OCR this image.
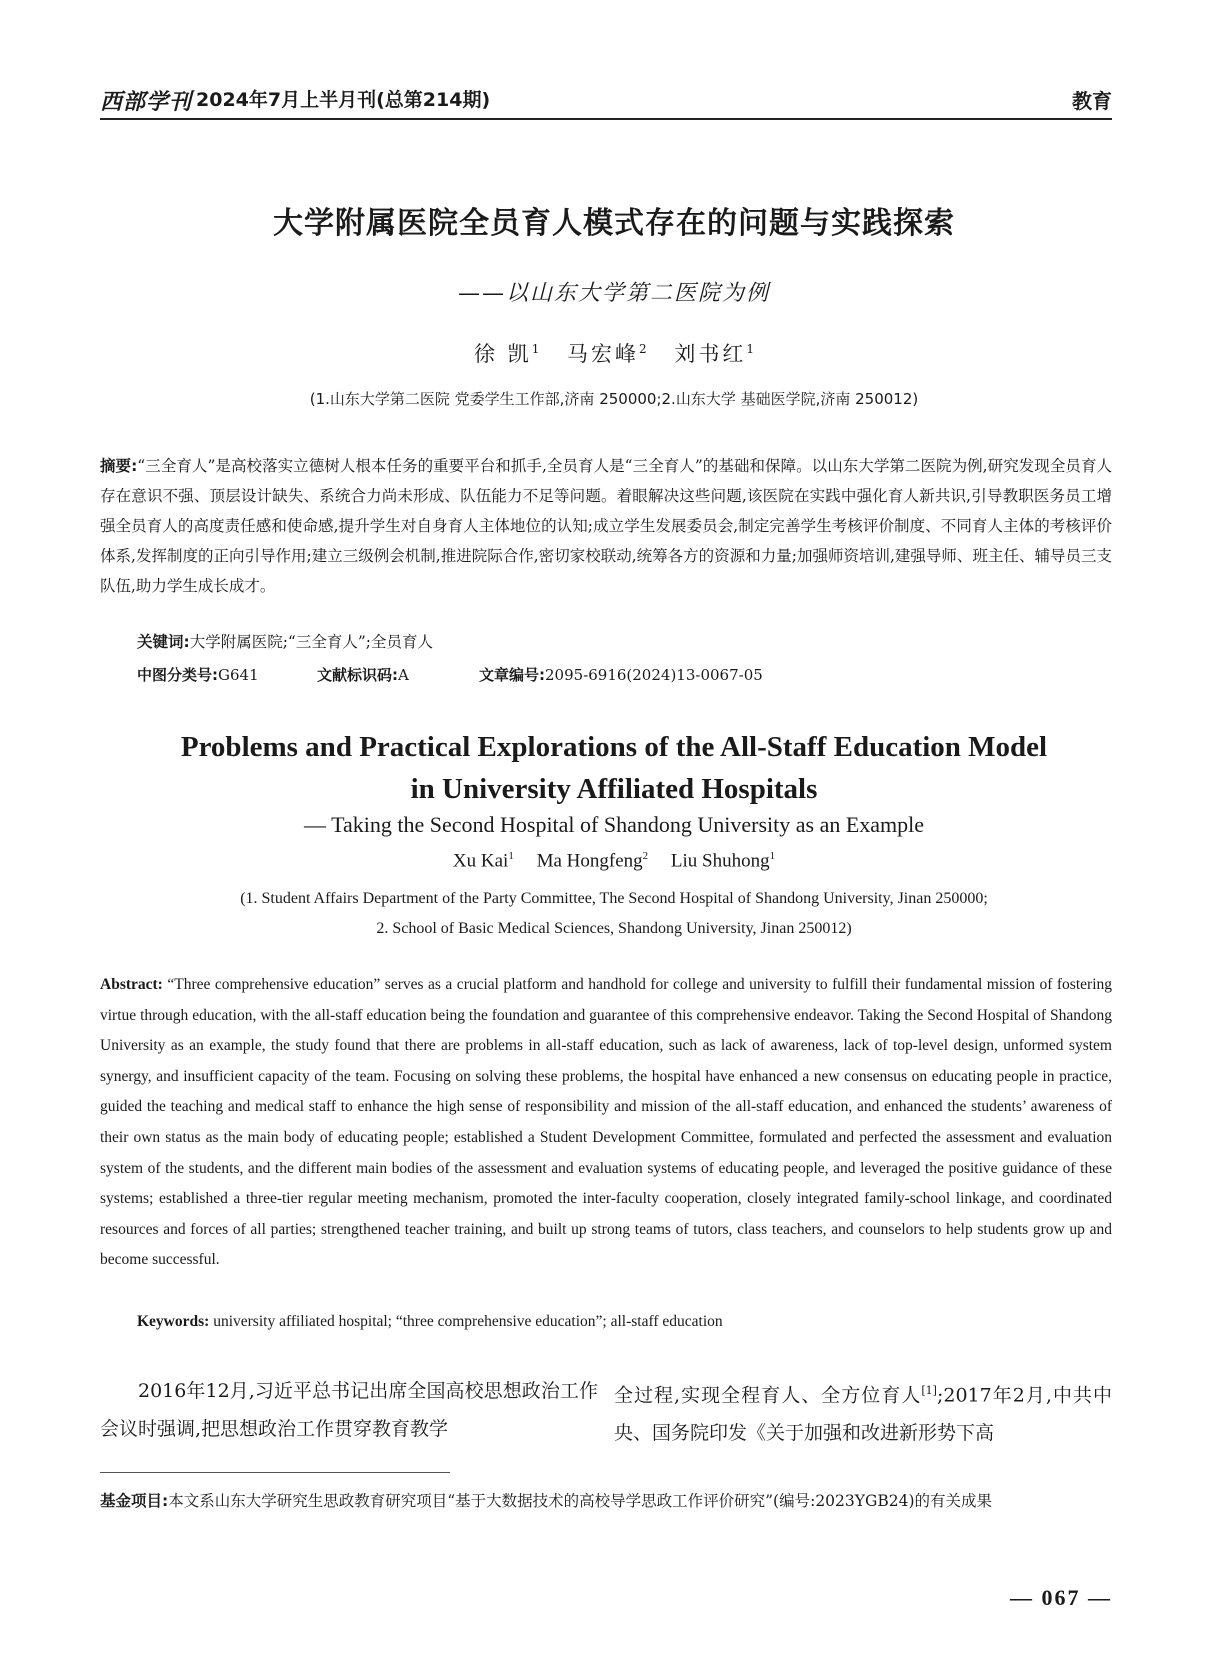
西部学刊 2024年7月上半月刊(总第214期)	教育
大学附属医院全员育人模式存在的问题与实践探索
——以山东大学第二医院为例
徐 凯$^1$ 马宏峰$^2$ 刘书红$^1$
(1.山东大学第二医院 党委学生工作部,济南 250000;2.山东大学 基础医学院,济南 250012)

摘要:“三全育人”是高校落实立德树人根本任务的重要平台和抓手,全员育人是“三全育人”的基础和保障。以山东大学第二医院为例,研究发现全员育人存在意识不强、顶层设计缺失、系统合力尚未形成、队伍能力不足等问题。着眼解决这些问题,该医院在实践中强化育人新共识,引导教职医务员工增强全员育人的高度责任感和使命感,提升学生对自身育人主体地位的认知;成立学生发展委员会,制定完善学生考核评价制度、不同育人主体的考核评价体系,发挥制度的正向引导作用;建立三级例会机制,推进院际合作,密切家校联动,统筹各方的资源和力量;加强师资培训,建强导师、班主任、辅导员三支队伍,助力学生成长成才。

关键词:大学附属医院;“三全育人”;全员育人
中图分类号:G641	文献标识码:A	文章编号:2095-6916(2024)13-0067-05
Problems and Practical Explorations of the All-Staff Education Model
in University Affiliated Hospitals
— Taking the Second Hospital of Shandong University as an Example
Xu Kai$^1$ Ma Hongfeng$^2$ Liu Shuhong$^1$
(1. Student Affairs Department of the Party Committee, The Second Hospital of Shandong University, Jinan 250000;
2. School of Basic Medical Sciences, Shandong University, Jinan 250012)

Abstract: “Three comprehensive education” serves as a crucial platform and handhold for college and university to fulfill their fundamental mission of fostering virtue through education, with the all-staff education being the foundation and guarantee of this comprehensive endeavor. Taking the Second Hospital of Shandong University as an example, the study found that there are problems in all-staff education, such as lack of awareness, lack of top-level design, unformed system synergy, and insufficient capacity of the team. Focusing on solving these problems, the hospital have enhanced a new consensus on educating people in practice, guided the teaching and medical staff to enhance the high sense of responsibility and mission of the all-staff education, and enhanced the students’ awareness of their own status as the main body of educating people; established a Student Development Committee, formulated and perfected the assessment and evaluation system of the students, and the different main bodies of the assessment and evaluation systems of educating people, and leveraged the positive guidance of these systems; established a three-tier regular meeting mechanism, promoted the inter-faculty cooperation, closely integrated family-school linkage, and coordinated resources and forces of all parties; strengthened teacher training, and built up strong teams of tutors, class teachers, and counselors to help students grow up and become successful.

Keywords: university affiliated hospital; “three comprehensive education”; all-staff education

2016年12月,习近平总书记出席全国高校思想政治工作会议时强调,把思想政治工作贯穿教育教学

全过程,实现全程育人、全方位育人[1];2017年2月,中共中央、国务院印发《关于加强和改进新形势下高

基金项目:本文系山东大学研究生思政教育研究项目“基于大数据技术的高校导学思政工作评价研究”(编号:2023YGB24)的有关成果

— 067 —
